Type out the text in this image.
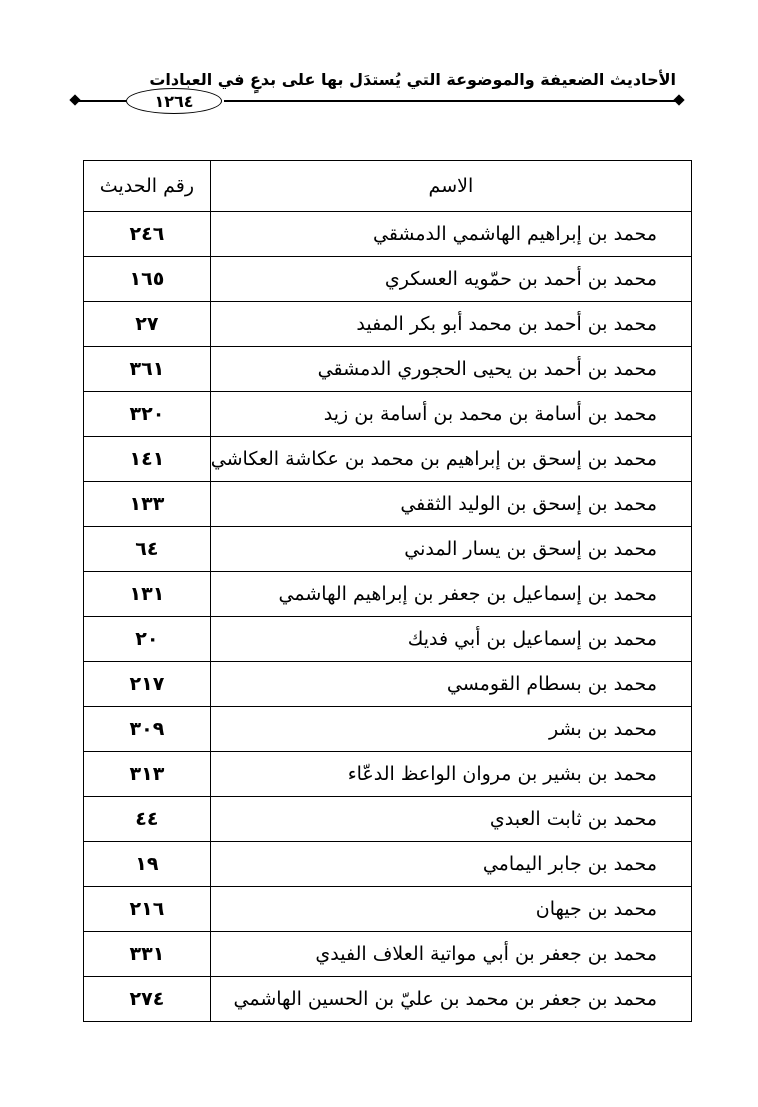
الأحاديث الضعيفة والموضوعة التي يُستدَل بها على بدعٍ في العبادات
١٢٦٤
الاسم	رقم الحديث
محمد بن إبراهيم الهاشمي الدمشقي	٢٤٦
محمد بن أحمد بن حمّويه العسكري	١٦٥
محمد بن أحمد بن محمد أبو بكر المفيد	٢٧
محمد بن أحمد بن يحيى الحجوري الدمشقي	٣٦١
محمد بن أسامة بن محمد بن أسامة بن زيد	٣٢٠
محمد بن إسحق بن إبراهيم بن محمد بن عكاشة العكاشي	١٤١
محمد بن إسحق بن الوليد الثقفي	١٣٣
محمد بن إسحق بن يسار المدني	٦٤
محمد بن إسماعيل بن جعفر بن إبراهيم الهاشمي	١٣١
محمد بن إسماعيل بن أبي فديك	٢٠
محمد بن بسطام القومسي	٢١٧
محمد بن بشر	٣٠٩
محمد بن بشير بن مروان الواعظ الدعّاء	٣١٣
محمد بن ثابت العبدي	٤٤
محمد بن جابر اليمامي	١٩
محمد بن جيهان	٢١٦
محمد بن جعفر بن أبي مواتية العلاف الفيدي	٣٣١
محمد بن جعفر بن محمد بن عليّ بن الحسين الهاشمي	٢٧٤
